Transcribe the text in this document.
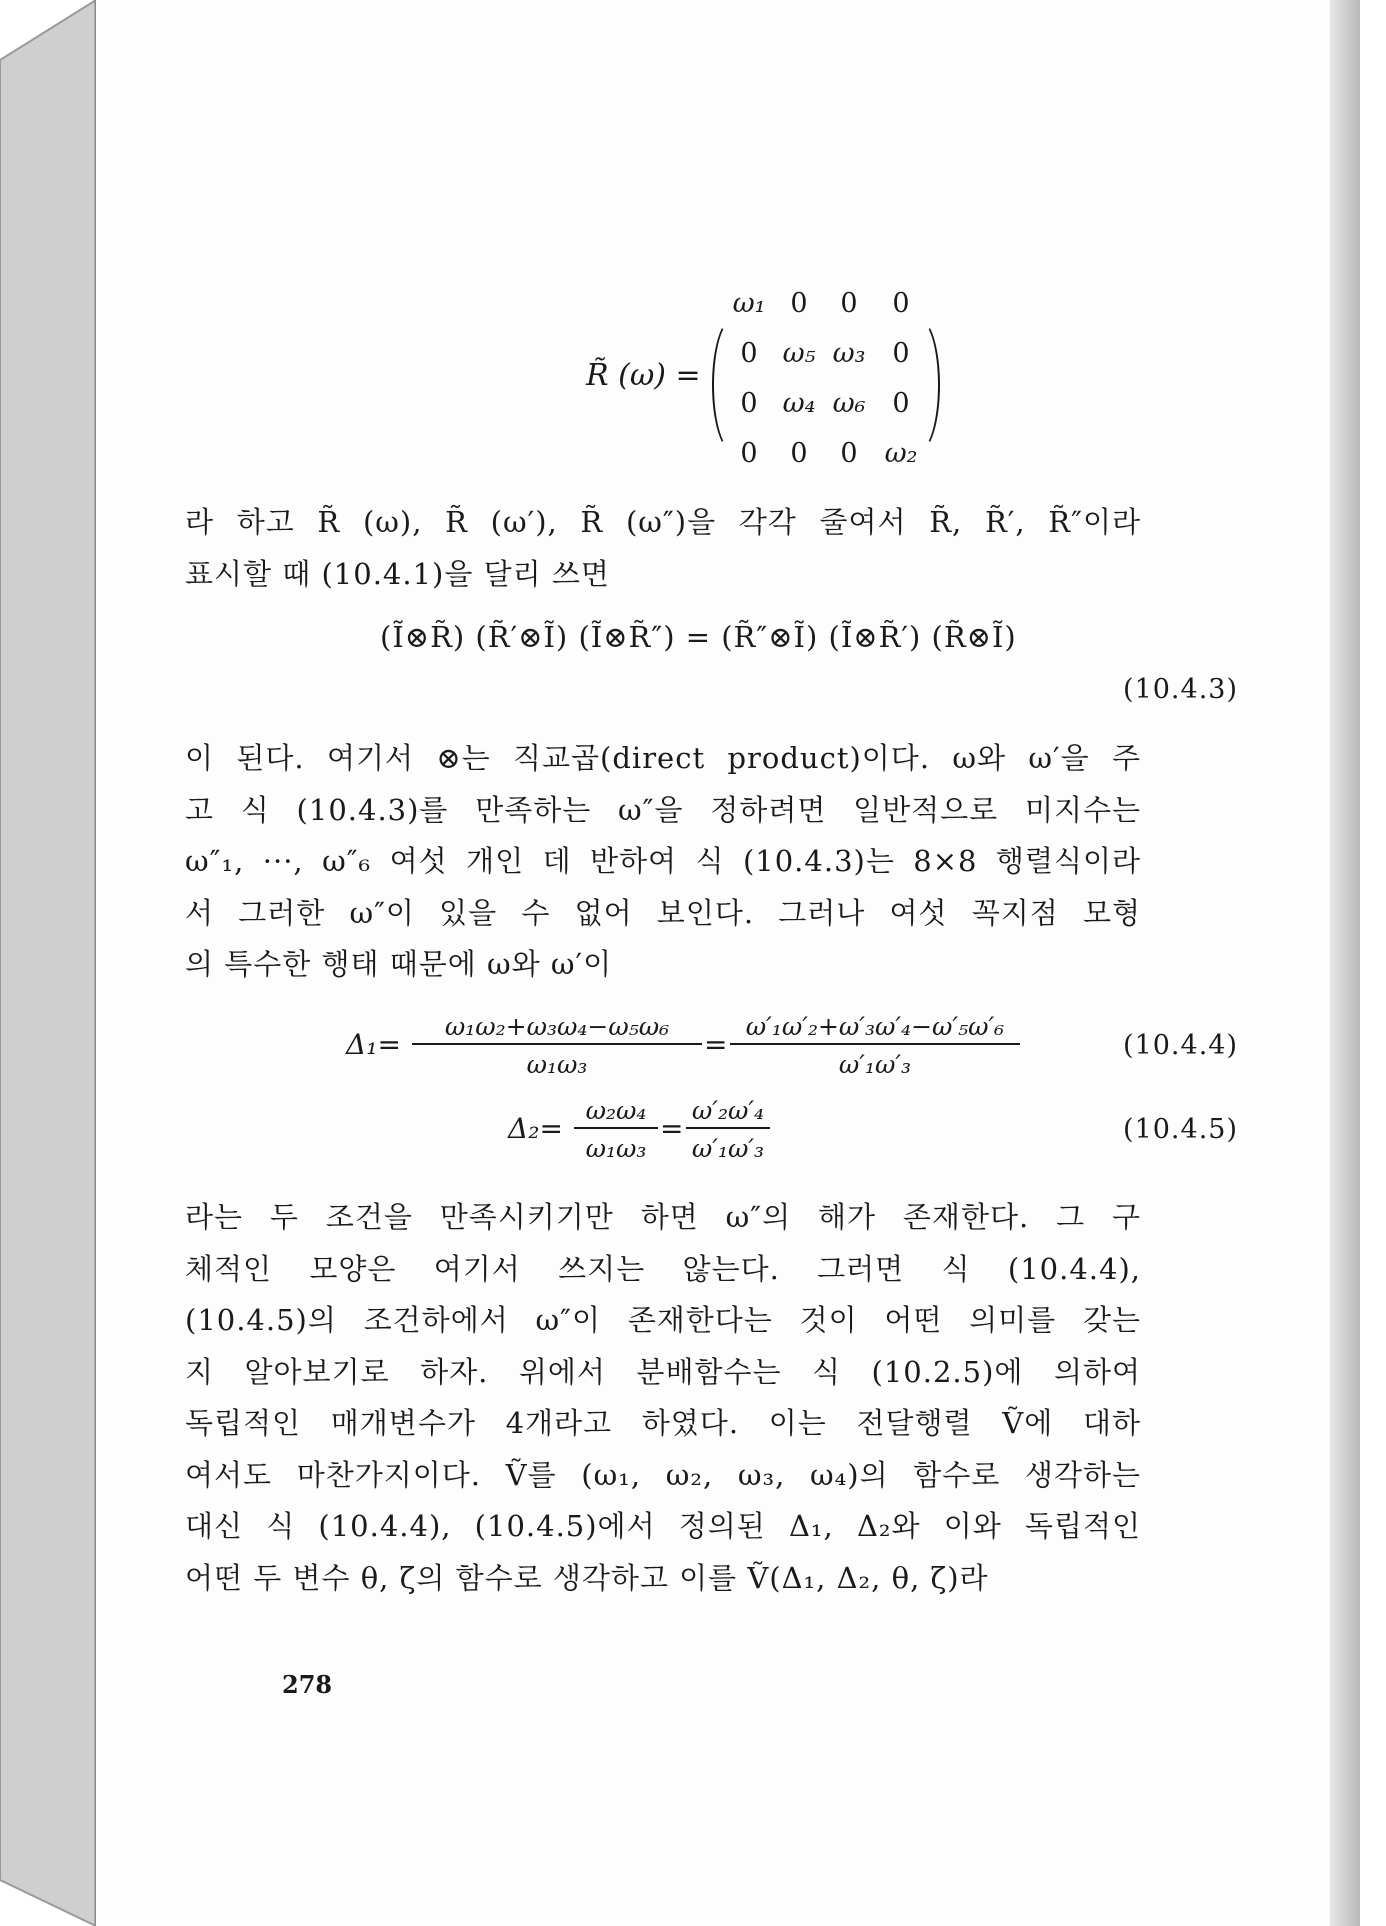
R̃ (ω) =
ω₁ 0	0	0
0 ω₅ ω₃ 0
0 ω₄ ω₆ 0
0	0	0 ω₂

라 하고 R̃ (ω), R̃ (ω′), R̃ (ω″)을 각각 줄여서 R̃, R̃′, R̃″이라

표시할 때 (10.4.1)을 달리 쓰면

(Ĩ⊗R̃) (R̃′⊗Ĩ) (Ĩ⊗R̃″) = (R̃″⊗Ĩ) (Ĩ⊗R̃′) (R̃⊗Ĩ)
(10.4.3)

이 된다. 여기서 ⊗는 직교곱(direct product)이다. ω와 ω′을 주

고 식 (10.4.3)를 만족하는 ω″을 정하려면 일반적으로 미지수는

ω″₁, ···, ω″₆ 여섯 개인 데 반하여 식 (10.4.3)는 8×8 행렬식이라

서 그러한 ω″이 있을 수 없어 보인다. 그러나 여섯 꼭지점 모형

의 특수한 행태 때문에 ω와 ω′이

Δ₁=
ω₁ω₂+ω₃ω₄−ω₅ω₆
ω₁ω₃
=
ω′₁ω′₂+ω′₃ω′₄−ω′₅ω′₆
ω′₁ω′₃
(10.4.4)
Δ₂=
ω₂ω₄
ω₁ω₃
=
ω′₂ω′₄
ω′₁ω′₃
(10.4.5)

라는 두 조건을 만족시키기만 하면 ω″의 해가 존재한다. 그 구

체적인 모양은 여기서 쓰지는 않는다. 그러면 식 (10.4.4),

(10.4.5)의 조건하에서 ω″이 존재한다는 것이 어떤 의미를 갖는

지 알아보기로 하자. 위에서 분배함수는 식 (10.2.5)에 의하여

독립적인 매개변수가 4개라고 하였다. 이는 전달행렬 Ṽ에 대하

여서도 마찬가지이다. Ṽ를 (ω₁, ω₂, ω₃, ω₄)의 함수로 생각하는

대신 식 (10.4.4), (10.4.5)에서 정의된 Δ₁, Δ₂와 이와 독립적인

어떤 두 변수 θ, ζ의 함수로 생각하고 이를 Ṽ(Δ₁, Δ₂, θ, ζ)라

278
